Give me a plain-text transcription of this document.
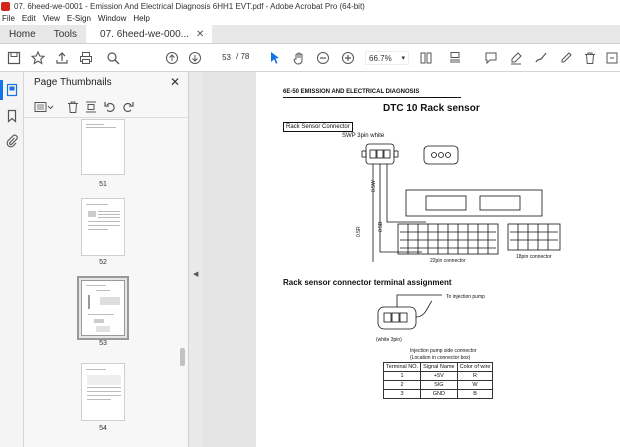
07. 6heed-we-0001 - Emission And Electrical Diagnosis 6HH1 EVT.pdf - Adobe Acrobat Pro (64-bit)
File Edit View E-Sign Window Help
Home Tools 07. 6heed-we-000... ✕
53 / 78	66.7% ▾
Page Thumbnails	✕
51
52
53
54
◀
6E-50 EMISSION AND ELECTRICAL DIAGNOSIS
DTC 10 Rack sensor
Rack Sensor Connector
SWP 3pin white
0.5W
0.5B
0.5R
22pin connector
18pin connector
Rack sensor connector terminal assignment
To injection pump
(white 3pin)
Injection pump side connector
(Location in connector box)
Terminal NO.	Signal Name	Color of wire
1	+5V	R
2	SIG	W
3	GND	B
